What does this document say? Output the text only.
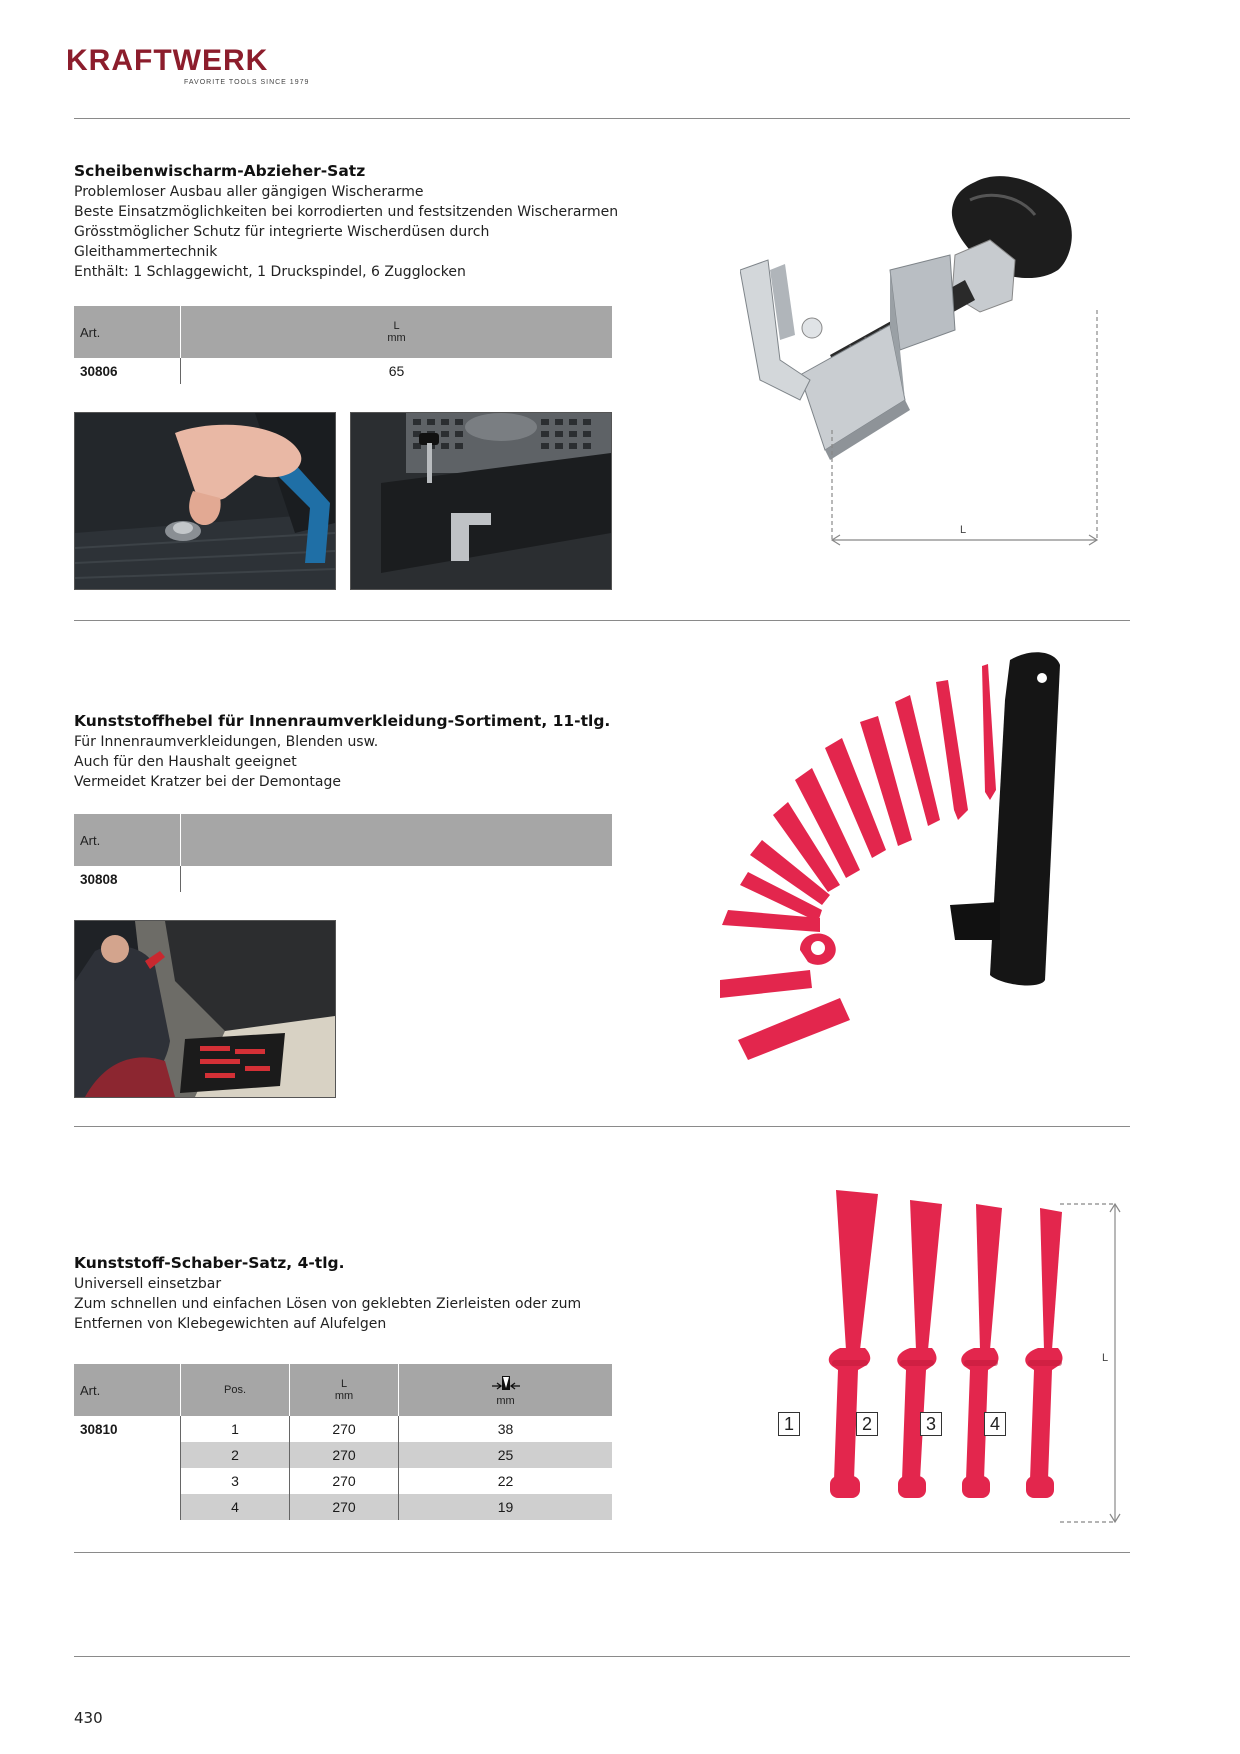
KRAFTWERK
FAVORITE TOOLS SINCE 1979
Scheibenwischarm-Abzieher-Satz
Problemloser Ausbau aller gängigen Wischerarme
Beste Einsatzmöglichkeiten bei korrodierten und festsitzenden Wischerarmen
Grösstmöglicher Schutz für integrierte Wischerdüsen durch
Gleithammertechnik
Enthält: 1 Schlaggewicht, 1 Druckspindel, 6 Zugglocken
Art.	L
mm

30806	65
L
Kunststoffhebel für Innenraumverkleidung-Sortiment, 11-tlg.
Für Innenraumverkleidungen, Blenden usw.
Auch für den Haushalt geeignet
Vermeidet Kratzer bei der Demontage
Art.	
30808	
Kunststoff-Schaber-Satz, 4-tlg.
Universell einsetzbar
Zum schnellen und einfachen Lösen von geklebten Zierleisten oder zum
Entfernen von Klebegewichten auf Alufelgen
Art.	Pos.	L
mm	mm

30810	1	270	38
	2	270	25
	3	270	22
	4	270	19
L
1	2	3	4
430
